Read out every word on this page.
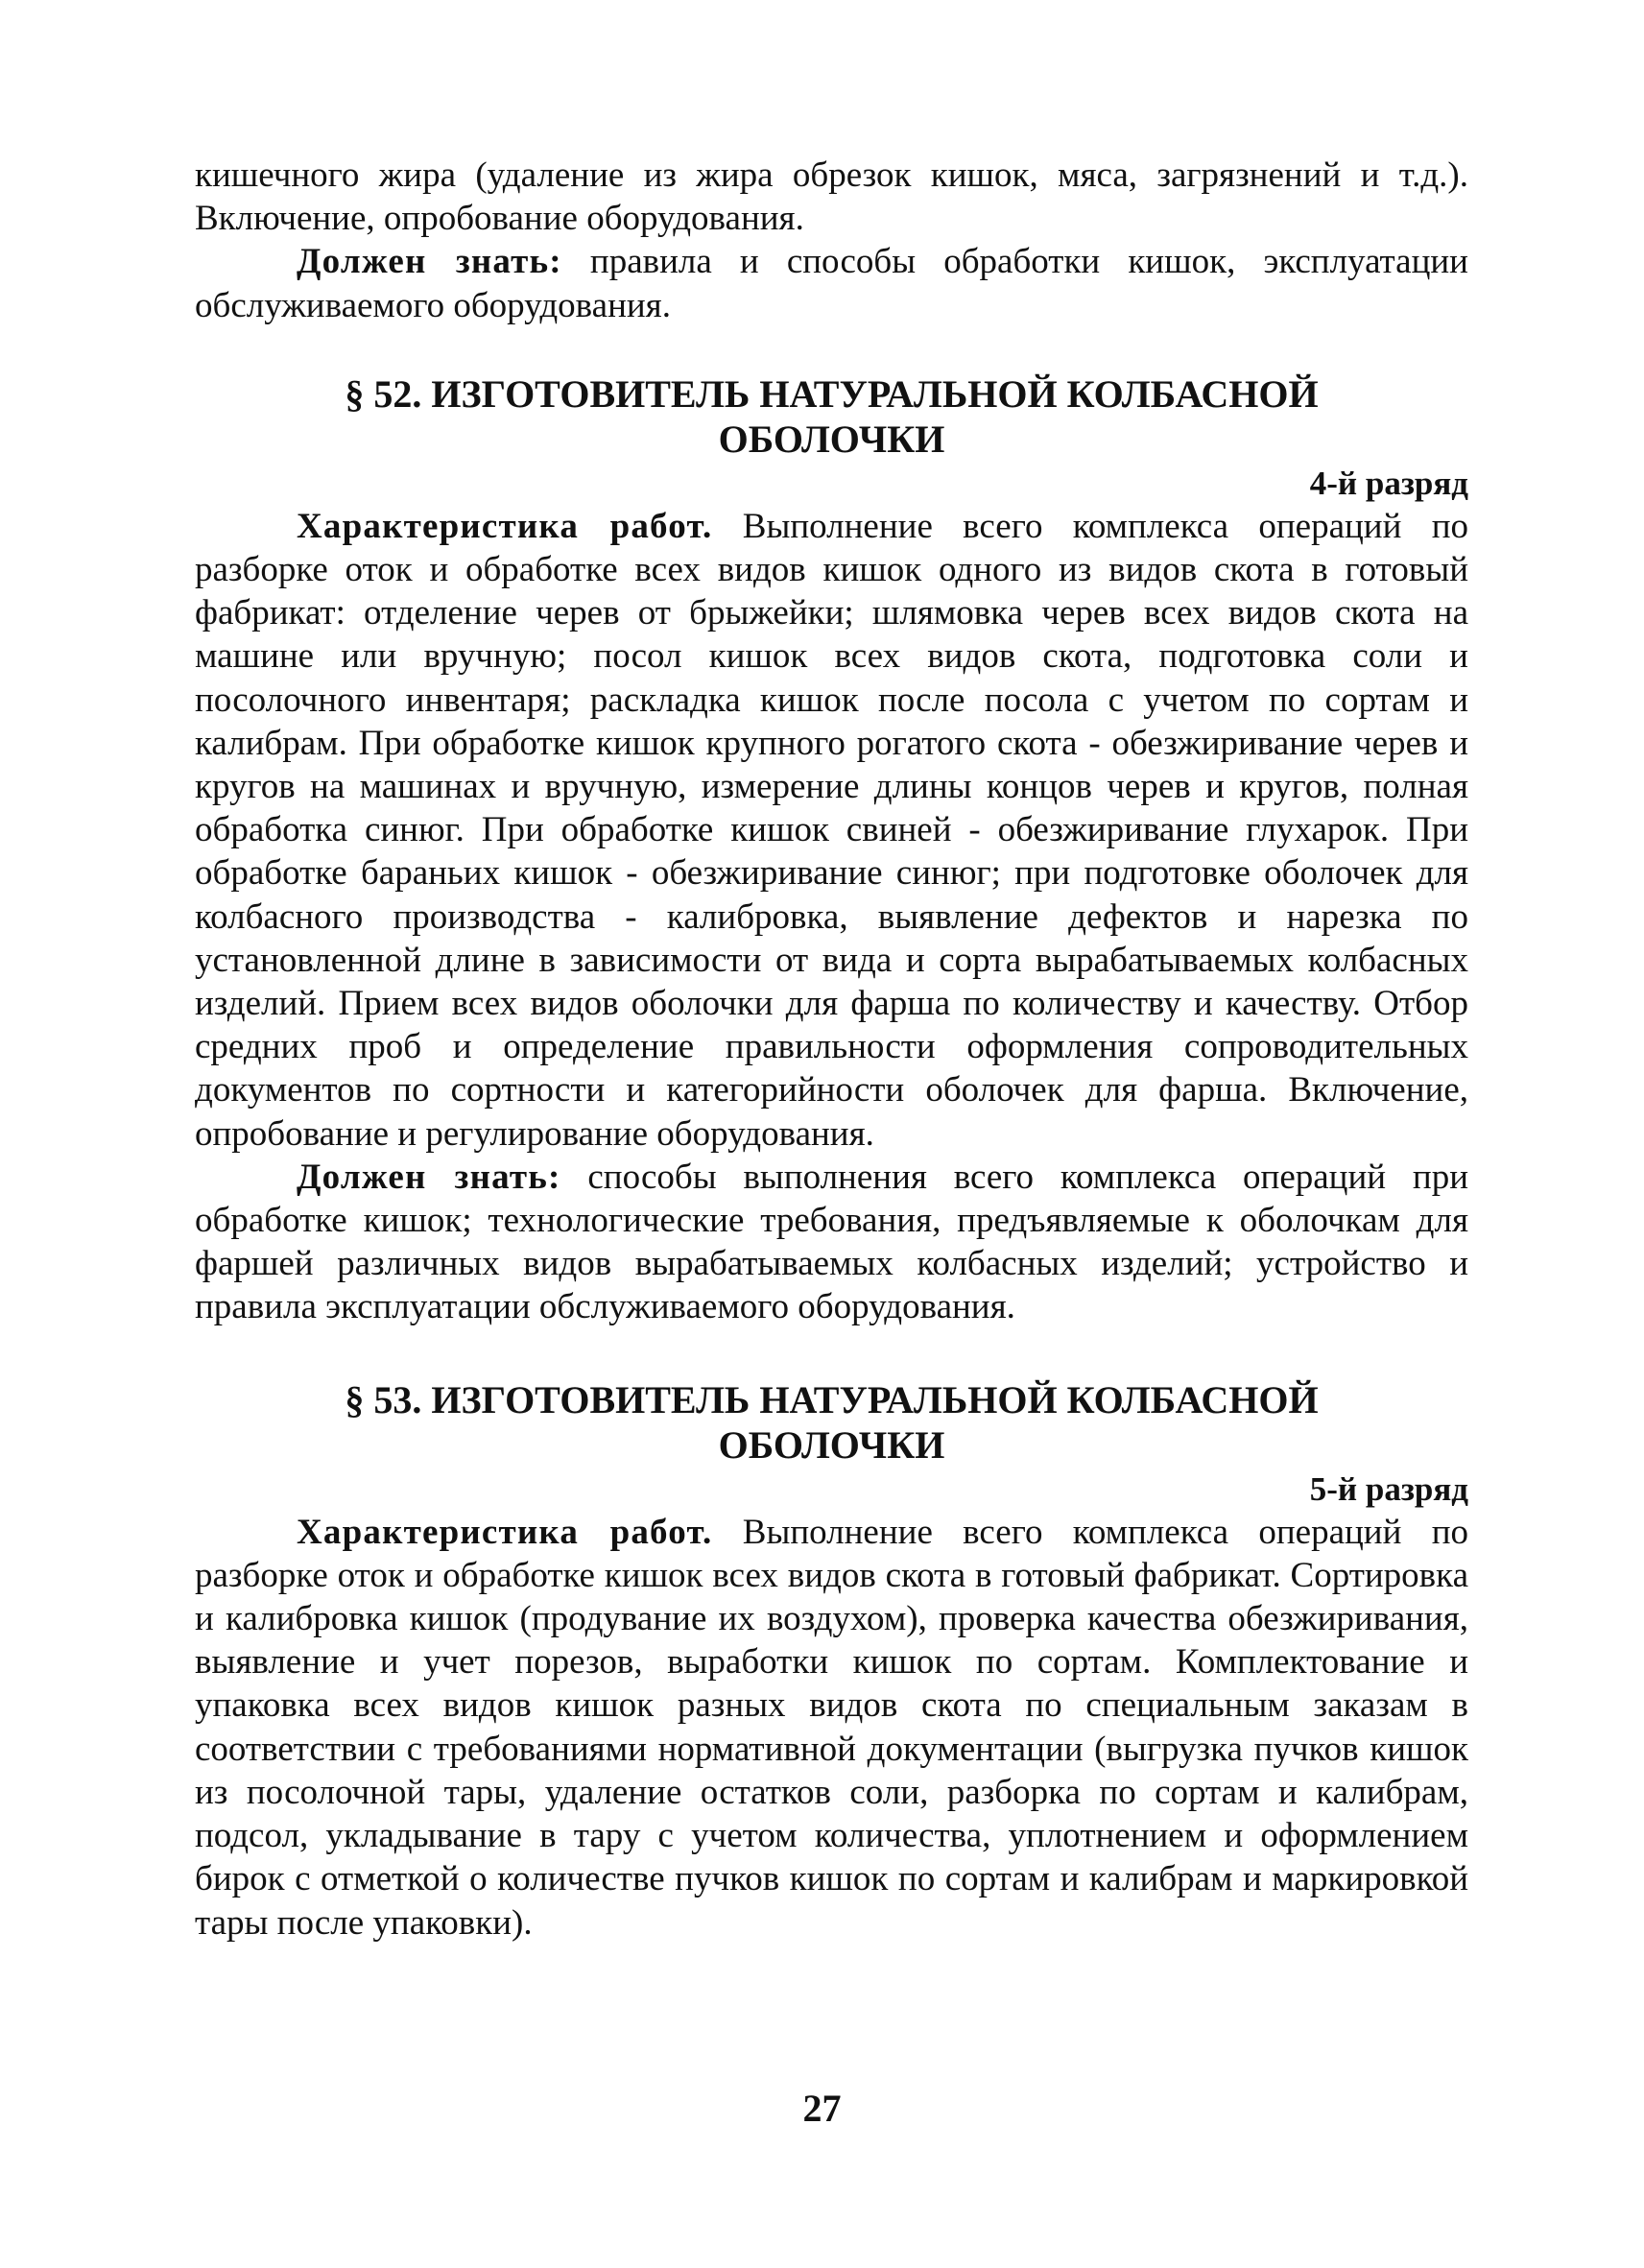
кишечного жира (удаление из жира обрезок кишок, мяса, загрязнений и т.д.). Включение, опробование оборудования.

Должен знать: правила и способы обработки кишок, эксплуатации обслуживаемого оборудования.

§ 52. ИЗГОТОВИТЕЛЬ НАТУРАЛЬНОЙ КОЛБАСНОЙ
ОБОЛОЧКИ

4-й разряд

Характеристика работ. Выполнение всего комплекса операций по разборке оток и обработке всех видов кишок одного из видов скота в готовый фабрикат: отделение черев от брыжейки; шлямовка черев всех видов скота на машине или вручную; посол кишок всех видов скота, подготовка соли и посолочного инвентаря; раскладка кишок после посола с учетом по сортам и калибрам. При обработке кишок крупного рогатого скота - обезжиривание черев и кругов на машинах и вручную, измерение длины концов черев и кругов, полная обработка синюг. При обработке кишок свиней - обезжиривание глухарок. При обработке бараньих кишок - обезжиривание синюг; при подготовке оболочек для колбасного производства - калибровка, выявление дефектов и нарезка по установленной длине в зависимости от вида и сорта вырабатываемых колбасных изделий. Прием всех видов оболочки для фарша по количеству и качеству. Отбор средних проб и определение правильности оформления сопроводительных документов по сортности и категорийности оболочек для фарша. Включение, опробование и регулирование оборудования.

Должен знать: способы выполнения всего комплекса операций при обработке кишок; технологические требования, предъявляемые к оболочкам для фаршей различных видов вырабатываемых колбасных изделий; устройство и правила эксплуатации обслуживаемого оборудования.

§ 53. ИЗГОТОВИТЕЛЬ НАТУРАЛЬНОЙ КОЛБАСНОЙ
ОБОЛОЧКИ

5-й разряд

Характеристика работ. Выполнение всего комплекса операций по разборке оток и обработке кишок всех видов скота в готовый фабрикат. Сортировка и калибровка кишок (продувание их воздухом), проверка качества обезжиривания, выявление и учет порезов, выработки кишок по сортам. Комплектование и упаковка всех видов кишок разных видов скота по специальным заказам в соответствии с требованиями нормативной документации (выгрузка пучков кишок из посолочной тары, удаление остатков соли, разборка по сортам и калибрам, подсол, укладывание в тару с учетом количества, уплотнением и оформлением бирок с отметкой о количестве пучков кишок по сортам и калибрам и маркировкой тары после упаковки).

27
